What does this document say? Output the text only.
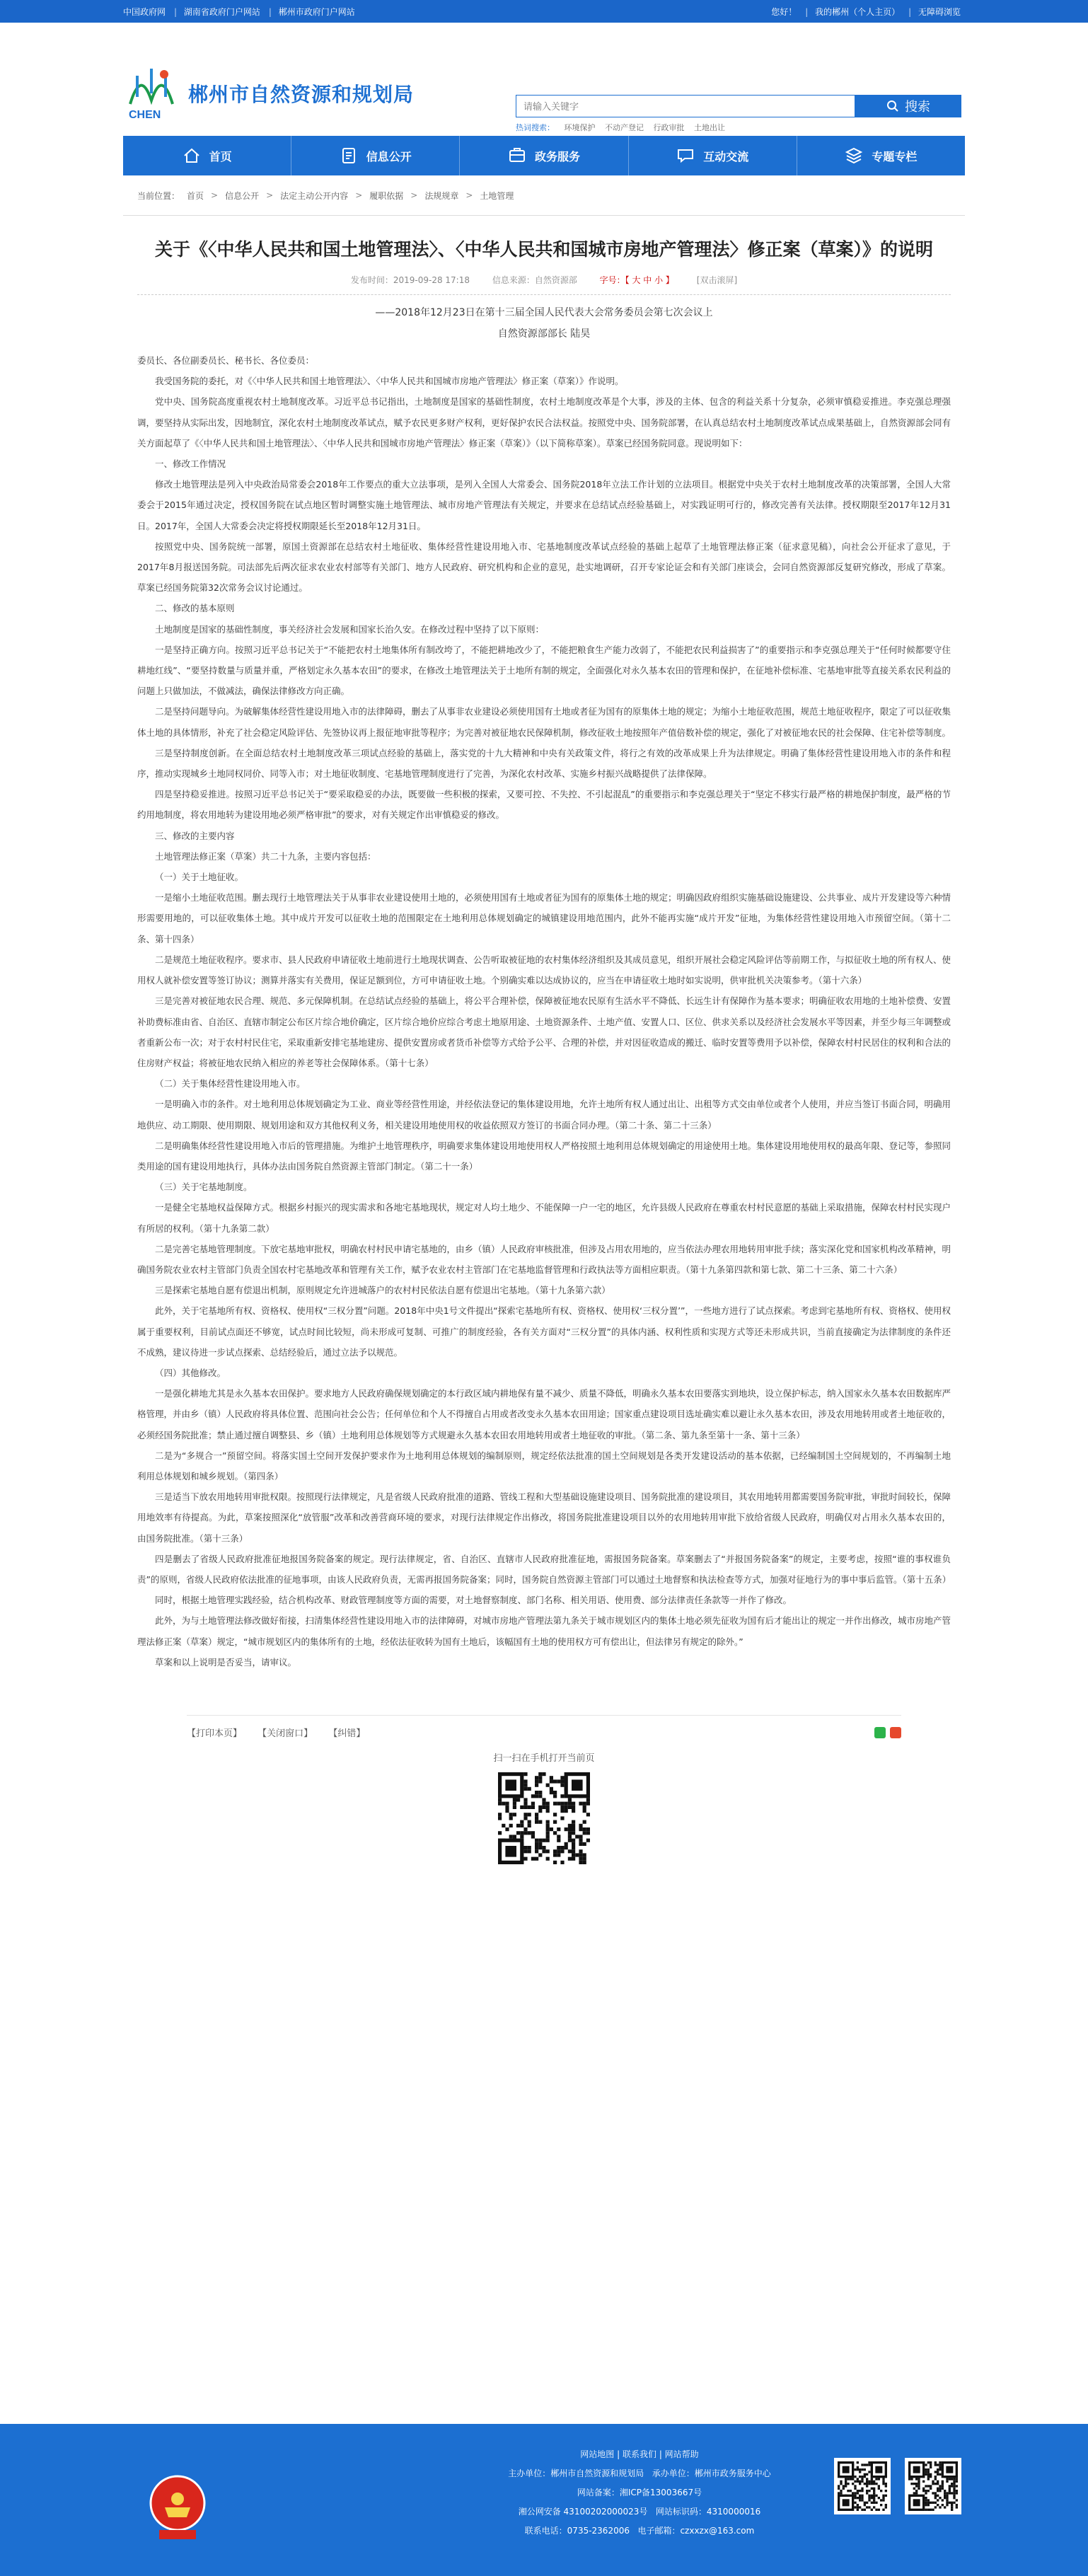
中国政府网 | 湖南省政府门户网站 | 郴州市政府门户网站	您好！ | 我的郴州（个人主页） | 无障碍浏览
CHEN
郴州市自然资源和规划局
请输入关键字
搜索
热词搜索： 环境保护 不动产登记 行政审批 土地出让
首页	信息公开	政务服务	互动交流	专题专栏
当前位置： 首页 > 信息公开 > 法定主动公开内容 > 履职依据 > 法规规章 > 土地管理
关于《〈中华人民共和国土地管理法〉、〈中华人民共和国城市房地产管理法〉修正案（草案）》的说明
发布时间：2019-09-28 17:18	信息来源：自然资源部	字号：【 大 中 小 】	[双击滚屏]
——2018年12月23日在第十三届全国人民代表大会常务委员会第七次会议上
自然资源部部长 陆昊

委员长、各位副委员长、秘书长、各位委员：

我受国务院的委托，对《〈中华人民共和国土地管理法〉、〈中华人民共和国城市房地产管理法〉修正案（草案）》作说明。

党中央、国务院高度重视农村土地制度改革。习近平总书记指出，土地制度是国家的基础性制度，农村土地制度改革是个大事，涉及的主体、包含的利益关系十分复杂，必须审慎稳妥推进。李克强总理强调，要坚持从实际出发，因地制宜，深化农村土地制度改革试点，赋予农民更多财产权利，更好保护农民合法权益。按照党中央、国务院部署，在认真总结农村土地制度改革试点成果基础上，自然资源部会同有关方面起草了《〈中华人民共和国土地管理法〉、〈中华人民共和国城市房地产管理法〉修正案（草案）》（以下简称草案）。草案已经国务院同意。现说明如下：

一、修改工作情况

修改土地管理法是列入中央政治局常委会2018年工作要点的重大立法事项，是列入全国人大常委会、国务院2018年立法工作计划的立法项目。根据党中央关于农村土地制度改革的决策部署，全国人大常委会于2015年通过决定，授权国务院在试点地区暂时调整实施土地管理法、城市房地产管理法有关规定，并要求在总结试点经验基础上，对实践证明可行的，修改完善有关法律。授权期限至2017年12月31日。2017年，全国人大常委会决定将授权期限延长至2018年12月31日。

按照党中央、国务院统一部署，原国土资源部在总结农村土地征收、集体经营性建设用地入市、宅基地制度改革试点经验的基础上起草了土地管理法修正案（征求意见稿），向社会公开征求了意见，于2017年8月报送国务院。司法部先后两次征求农业农村部等有关部门、地方人民政府、研究机构和企业的意见，赴实地调研，召开专家论证会和有关部门座谈会，会同自然资源部反复研究修改，形成了草案。草案已经国务院第32次常务会议讨论通过。

二、修改的基本原则

土地制度是国家的基础性制度，事关经济社会发展和国家长治久安。在修改过程中坚持了以下原则：

一是坚持正确方向。按照习近平总书记关于“不能把农村土地集体所有制改垮了，不能把耕地改少了，不能把粮食生产能力改弱了，不能把农民利益损害了”的重要指示和李克强总理关于“任何时候都要守住耕地红线”、“要坚持数量与质量并重，严格划定永久基本农田”的要求，在修改土地管理法关于土地所有制的规定，全面强化对永久基本农田的管理和保护，在征地补偿标准、宅基地审批等直接关系农民利益的问题上只做加法，不做减法，确保法律修改方向正确。

二是坚持问题导向。为破解集体经营性建设用地入市的法律障碍，删去了从事非农业建设必须使用国有土地或者征为国有的原集体土地的规定；为缩小土地征收范围，规范土地征收程序，限定了可以征收集体土地的具体情形，补充了社会稳定风险评估、先签协议再上报征地审批等程序；为完善对被征地农民保障机制，修改征收土地按照年产值倍数补偿的规定，强化了对被征地农民的社会保障、住宅补偿等制度。

三是坚持制度创新。在全面总结农村土地制度改革三项试点经验的基础上，落实党的十九大精神和中央有关政策文件，将行之有效的改革成果上升为法律规定。明确了集体经营性建设用地入市的条件和程序，推动实现城乡土地同权同价、同等入市；对土地征收制度、宅基地管理制度进行了完善，为深化农村改革、实施乡村振兴战略提供了法律保障。

四是坚持稳妥推进。按照习近平总书记关于“要采取稳妥的办法，既要做一些积极的探索，又要可控、不失控、不引起混乱”的重要指示和李克强总理关于“坚定不移实行最严格的耕地保护制度，最严格的节约用地制度，将农用地转为建设用地必须严格审批”的要求，对有关规定作出审慎稳妥的修改。

三、修改的主要内容

土地管理法修正案（草案）共二十九条，主要内容包括：

（一）关于土地征收。

一是缩小土地征收范围。删去现行土地管理法关于从事非农业建设使用土地的，必须使用国有土地或者征为国有的原集体土地的规定；明确因政府组织实施基础设施建设、公共事业、成片开发建设等六种情形需要用地的，可以征收集体土地。其中成片开发可以征收土地的范围限定在土地利用总体规划确定的城镇建设用地范围内，此外不能再实施“成片开发”征地，为集体经营性建设用地入市预留空间。（第十二条、第十四条）

二是规范土地征收程序。要求市、县人民政府申请征收土地前进行土地现状调查、公告听取被征地的农村集体经济组织及其成员意见，组织开展社会稳定风险评估等前期工作，与拟征收土地的所有权人、使用权人就补偿安置等签订协议；测算并落实有关费用，保证足额到位，方可申请征收土地。个别确实难以达成协议的，应当在申请征收土地时如实说明，供审批机关决策参考。（第十六条）

三是完善对被征地农民合理、规范、多元保障机制。在总结试点经验的基础上，将公平合理补偿，保障被征地农民原有生活水平不降低、长远生计有保障作为基本要求；明确征收农用地的土地补偿费、安置补助费标准由省、自治区、直辖市制定公布区片综合地价确定，区片综合地价应综合考虑土地原用途、土地资源条件、土地产值、安置人口、区位、供求关系以及经济社会发展水平等因素，并至少每三年调整或者重新公布一次；对于农村村民住宅，采取重新安排宅基地建房、提供安置房或者货币补偿等方式给予公平、合理的补偿，并对因征收造成的搬迁、临时安置等费用予以补偿，保障农村村民居住的权利和合法的住房财产权益；将被征地农民纳入相应的养老等社会保障体系。（第十七条）

（二）关于集体经营性建设用地入市。

一是明确入市的条件。对土地利用总体规划确定为工业、商业等经营性用途，并经依法登记的集体建设用地，允许土地所有权人通过出让、出租等方式交由单位或者个人使用，并应当签订书面合同，明确用地供应、动工期限、使用期限、规划用途和双方其他权利义务，相关建设用地使用权的收益依照双方签订的书面合同办理。（第二十条、第二十三条）

二是明确集体经营性建设用地入市后的管理措施。为维护土地管理秩序，明确要求集体建设用地使用权人严格按照土地利用总体规划确定的用途使用土地。集体建设用地使用权的最高年限、登记等，参照同类用途的国有建设用地执行，具体办法由国务院自然资源主管部门制定。（第二十一条）

（三）关于宅基地制度。

一是健全宅基地权益保障方式。根据乡村振兴的现实需求和各地宅基地现状，规定对人均土地少、不能保障一户一宅的地区，允许县级人民政府在尊重农村村民意愿的基础上采取措施，保障农村村民实现户有所居的权利。（第十九条第二款）

二是完善宅基地管理制度。下放宅基地审批权，明确农村村民申请宅基地的，由乡（镇）人民政府审核批准，但涉及占用农用地的，应当依法办理农用地转用审批手续；落实深化党和国家机构改革精神，明确国务院农业农村主管部门负责全国农村宅基地改革和管理有关工作，赋予农业农村主管部门在宅基地监督管理和行政执法等方面相应职责。（第十九条第四款和第七款、第二十三条、第二十六条）

三是探索宅基地自愿有偿退出机制，原则规定允许进城落户的农村村民依法自愿有偿退出宅基地。（第十九条第六款）

此外，关于宅基地所有权、资格权、使用权“三权分置”问题。2018年中央1号文件提出“探索宅基地所有权、资格权、使用权‘三权分置’”，一些地方进行了试点探索。考虑到宅基地所有权、资格权、使用权属于重要权利，目前试点面还不够宽，试点时间比较短，尚未形成可复制、可推广的制度经验，各有关方面对“三权分置”的具体内涵、权利性质和实现方式等还未形成共识，当前直接确定为法律制度的条件还不成熟，建议待进一步试点探索、总结经验后，通过立法予以规范。

（四）其他修改。

一是强化耕地尤其是永久基本农田保护。要求地方人民政府确保规划确定的本行政区域内耕地保有量不减少、质量不降低，明确永久基本农田要落实到地块，设立保护标志，纳入国家永久基本农田数据库严格管理，并由乡（镇）人民政府将具体位置、范围向社会公告；任何单位和个人不得擅自占用或者改变永久基本农田用途；国家重点建设项目选址确实难以避让永久基本农田，涉及农用地转用或者土地征收的，必须经国务院批准；禁止通过擅自调整县、乡（镇）土地利用总体规划等方式规避永久基本农田农用地转用或者土地征收的审批。（第二条、第九条至第十一条、第十三条）

二是为“多规合一”预留空间。将落实国土空间开发保护要求作为土地利用总体规划的编制原则，规定经依法批准的国土空间规划是各类开发建设活动的基本依据，已经编制国土空间规划的，不再编制土地利用总体规划和城乡规划。（第四条）

三是适当下放农用地转用审批权限。按照现行法律规定，凡是省级人民政府批准的道路、管线工程和大型基础设施建设项目、国务院批准的建设项目，其农用地转用都需要国务院审批，审批时间较长，保障用地效率有待提高。为此，草案按照深化“放管服”改革和改善营商环境的要求，对现行法律规定作出修改，将国务院批准建设项目以外的农用地转用审批下放给省级人民政府，明确仅对占用永久基本农田的，由国务院批准。（第十三条）

四是删去了省级人民政府批准征地报国务院备案的规定。现行法律规定，省、自治区、直辖市人民政府批准征地，需报国务院备案。草案删去了“并报国务院备案”的规定，主要考虑，按照“谁的事权谁负责”的原则，省级人民政府依法批准的征地事项，由该人民政府负责，无需再报国务院备案；同时，国务院自然资源主管部门可以通过土地督察和执法检查等方式，加强对征地行为的事中事后监管。（第十五条）

同时，根据土地管理实践经验，结合机构改革、财政管理制度等方面的需要，对土地督察制度、部门名称、相关用语、使用费、部分法律责任条款等一并作了修改。

此外，为与土地管理法修改做好衔接，扫清集体经营性建设用地入市的法律障碍，对城市房地产管理法第九条关于城市规划区内的集体土地必须先征收为国有后才能出让的规定一并作出修改，城市房地产管理法修正案（草案）规定，“城市规划区内的集体所有的土地，经依法征收转为国有土地后，该幅国有土地的使用权方可有偿出让，但法律另有规定的除外。”

草案和以上说明是否妥当，请审议。

【打印本页】 【关闭窗口】 【纠错】
扫一扫在手机打开当前页
网站地图 | 联系我们 | 网站帮助
主办单位：郴州市自然资源和规划局 承办单位：郴州市政务服务中心
网站备案：湘ICP备13003667号
湘公网安备 43100202000023号 网站标识码：4310000016
联系电话：0735-2362006 电子邮箱：czxxzx@163.com
